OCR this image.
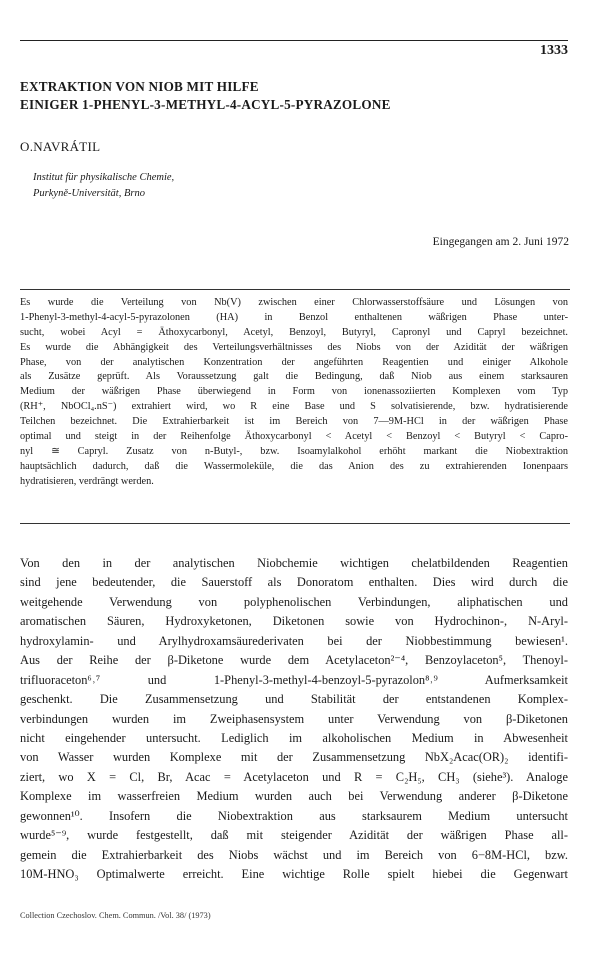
1333
EXTRAKTION VON NIOB MIT HILFE
EINIGER 1-PHENYL-3-METHYL-4-ACYL-5-PYRAZOLONE
O.NAVRÁTIL
Institut für physikalische Chemie,
Purkyně-Universität, Brno
Eingegangen am 2. Juni 1972
Es wurde die Verteilung von Nb(V) zwischen einer Chlorwasserstoffsäure und Lösungen von
1-Phenyl-3-methyl-4-acyl-5-pyrazolonen (HA) in Benzol enthaltenen wäßrigen Phase unter-
sucht, wobei Acyl = Äthoxycarbonyl, Acetyl, Benzoyl, Butyryl, Capronyl und Capryl bezeichnet.
Es wurde die Abhängigkeit des Verteilungsverhältnisses des Niobs von der Azidität der wäßrigen
Phase, von der analytischen Konzentration der angeführten Reagentien und einiger Alkohole
als Zusätze geprüft. Als Voraussetzung galt die Bedingung, daß Niob aus einem starksauren
Medium der wäßrigen Phase überwiegend in Form von ionenassoziierten Komplexen vom Typ
(RH⁺, NbOCl₄.nS⁻) extrahiert wird, wo R eine Base und S solvatisierende, bzw. hydratisierende
Teilchen bezeichnet. Die Extrahierbarkeit ist im Bereich von 7—9M-HCl in der wäßrigen Phase
optimal und steigt in der Reihenfolge Äthoxycarbonyl < Acetyl < Benzoyl < Butyryl < Capro-
nyl ≅ Capryl. Zusatz von n-Butyl-, bzw. Isoamylalkohol erhöht markant die Niobextraktion
hauptsächlich dadurch, daß die Wassermoleküle, die das Anion des zu extrahierenden Ionenpaars
hydratisieren, verdrängt werden.
Von den in der analytischen Niobchemie wichtigen chelatbildenden Reagentien
sind jene bedeutender, die Sauerstoff als Donoratom enthalten. Dies wird durch die
weitgehende Verwendung von polyphenolischen Verbindungen, aliphatischen und
aromatischen Säuren, Hydroxyketonen, Diketonen sowie von Hydrochinon-, N-Aryl-
hydroxylamin- und Arylhydroxamsäurederivaten bei der Niobbestimmung bewiesen¹.
Aus der Reihe der β-Diketone wurde dem Acetylaceton²⁻⁴, Benzoylaceton⁵, Thenoyl-
trifluoraceton⁶˒⁷ und 1-Phenyl-3-methyl-4-benzoyl-5-pyrazolon⁸˒⁹ Aufmerksamkeit
geschenkt. Die Zusammensetzung und Stabilität der entstandenen Komplex-
verbindungen wurden im Zweiphasensystem unter Verwendung von β-Diketonen
nicht eingehender untersucht. Lediglich im alkoholischen Medium in Abwesenheit
von Wasser wurden Komplexe mit der Zusammensetzung NbX₂Acac(OR)₂ identifi-
ziert, wo X = Cl, Br, Acac = Acetylaceton und R = C₂H₅, CH₃ (siehe³). Analoge
Komplexe im wasserfreien Medium wurden auch bei Verwendung anderer β-Diketone
gewonnen¹⁰. Insofern die Niobextraktion aus starksaurem Medium untersucht
wurde⁵⁻⁹, wurde festgestellt, daß mit steigender Azidität der wäßrigen Phase all-
gemein die Extrahierbarkeit des Niobs wächst und im Bereich von 6−8M-HCl, bzw.
10M-HNO₃ Optimalwerte erreicht. Eine wichtige Rolle spielt hiebei die Gegenwart
Collection Czechoslov. Chem. Commun. /Vol. 38/ (1973)
